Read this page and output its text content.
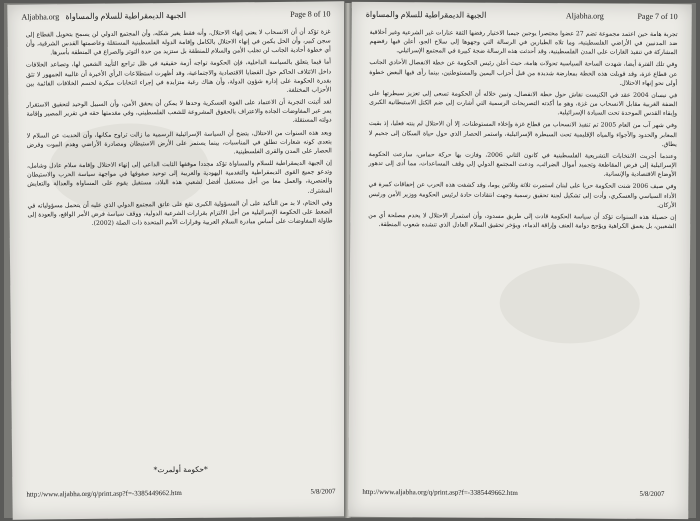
Aljabha.org الجبهة الديمقراطية للسلام والمساواة	Page 8 of 10

غزة تؤكد أن أن الانسحاب لا يعني إنهاء الاحتلال، وأنه فقط يغير شكله، وأن المجتمع الدولي لن يسمح بتحويل القطاع إلى سجن كبير، وأن الحل يكمن في إنهاء الاحتلال بالكامل وإقامة الدولة الفلسطينية المستقلة وعاصمتها القدس الشرقية، وأن أي خطوة أحادية الجانب لن تجلب الأمن والسلام للمنطقة بل ستزيد من حدة التوتر والصراع في المنطقة بأسرها.

أما فيما يتعلق بالسياسة الداخلية، فإن الحكومة تواجه أزمة حقيقية في ظل تراجع التأييد الشعبي لها، وتصاعد الخلافات داخل الائتلاف الحاكم حول القضايا الاقتصادية والاجتماعية، وقد أظهرت استطلاعات الرأي الأخيرة أن غالبية الجمهور لا تثق بقدرة الحكومة على إدارة شؤون الدولة، وأن هناك رغبة متزايدة في إجراء انتخابات مبكرة لحسم الخلافات القائمة بين الأحزاب المختلفة.

لقد أثبتت التجربة أن الاعتماد على القوة العسكرية وحدها لا يمكن أن يحقق الأمن، وأن السبيل الوحيد لتحقيق الاستقرار يمر عبر المفاوضات الجادة والاعتراف بالحقوق المشروعة للشعب الفلسطيني، وفي مقدمتها حقه في تقرير المصير وإقامة دولته المستقلة.

وبعد هذه السنوات من الاحتلال، يتضح أن السياسة الإسرائيلية الرسمية ما زالت تراوح مكانها، وأن الحديث عن السلام لا يتعدى كونه شعارات تطلق في المناسبات، بينما يستمر على الأرض الاستيطان ومصادرة الأراضي وهدم البيوت وفرض الحصار على المدن والقرى الفلسطينية.

إن الجبهة الديمقراطية للسلام والمساواة تؤكد مجددا موقفها الثابت الداعي إلى إنهاء الاحتلال وإقامة سلام عادل وشامل، وتدعو جميع القوى الديمقراطية والتقدمية اليهودية والعربية إلى توحيد صفوفها في مواجهة سياسة الحرب والاستيطان والعنصرية، والعمل معا من أجل مستقبل أفضل لشعبي هذه البلاد، مستقبل يقوم على المساواة والعدالة والتعايش المشترك.

وفي الختام، لا بد من التأكيد على أن المسؤولية الكبرى تقع على عاتق المجتمع الدولي الذي عليه أن يتحمل مسؤولياته في الضغط على الحكومة الإسرائيلية من أجل الالتزام بقرارات الشرعية الدولية، ووقف سياسة فرض الأمر الواقع، والعودة إلى طاولة المفاوضات على أساس مبادرة السلام العربية وقرارات الأمم المتحدة ذات الصلة (2002).

*حكومة أولمرت*
http://www.aljabha.org/q/print.asp?f=-3385449662.htm	5/8/2007
الجبهة الديمقراطية للسلام والمساواة	Aljabha.org	Page 7 of 10

تجربة هامة حين اعتمد مجموعة تضم 27 عضوا مختصرا يوجين جيمبا الاختيار رفضها الثقة عنارات غير الشرعية وغير أخلاقية ضد المدنيين في الأراضي الفلسطينية، وما تلاه الطيارين في الرسالة التي وجهوها إلى سلاح الجو، أعلن فيها رفضهم المشاركة في تنفيذ الغارات على المدن الفلسطينية، وقد أحدثت هذه الرسالة ضجة كبيرة في المجتمع الإسرائيلي.

وفي تلك الفترة أيضا، شهدت الساحة السياسية تحولات هامة، حيث أعلن رئيس الحكومة عن خطة الانفصال الأحادي الجانب عن قطاع غزة، وقد قوبلت هذه الخطة بمعارضة شديدة من قبل أحزاب اليمين والمستوطنين، بينما رأى فيها البعض خطوة أولى نحو إنهاء الاحتلال.

في نيسان 2004 عقد في الكنيست نقاش حول خطة الانفصال، وتبين خلاله أن الحكومة تسعى إلى تعزيز سيطرتها على الضفة الغربية مقابل الانسحاب من غزة، وهو ما أكدته التصريحات الرسمية التي أشارت إلى ضم الكتل الاستيطانية الكبرى وإبقاء القدس الموحدة تحت السيادة الإسرائيلية.

وفي شهر آب من العام 2005 تم تنفيذ الانسحاب من قطاع غزة وإخلاء المستوطنات، إلا أن الاحتلال لم ينته فعليا، إذ بقيت المعابر والحدود والأجواء والمياه الإقليمية تحت السيطرة الإسرائيلية، واستمر الحصار الذي حول حياة السكان إلى جحيم لا يطاق.

وعندما أجريت الانتخابات التشريعية الفلسطينية في كانون الثاني 2006، وفازت بها حركة حماس، سارعت الحكومة الإسرائيلية إلى فرض المقاطعة وتجميد أموال الضرائب، ودعت المجتمع الدولي إلى وقف المساعدات، مما أدى إلى تدهور الأوضاع الاقتصادية والإنسانية.

وفي صيف 2006 شنت الحكومة حربا على لبنان استمرت ثلاثة وثلاثين يوما، وقد كشفت هذه الحرب عن إخفاقات كبيرة في الأداء السياسي والعسكري، وأدت إلى تشكيل لجنة تحقيق رسمية وجهت انتقادات حادة لرئيس الحكومة ووزير الأمن ورئيس الأركان.

إن حصيلة هذه السنوات تؤكد أن سياسة الحكومة قادت إلى طريق مسدود، وأن استمرار الاحتلال لا يخدم مصلحة أي من الشعبين، بل يعمق الكراهية ويؤجج دوامة العنف وإراقة الدماء، ويؤخر تحقيق السلام العادل الذي تنشده شعوب المنطقة.

http://www.aljabha.org/q/print.asp?f=-3385449662.htm	5/8/2007
